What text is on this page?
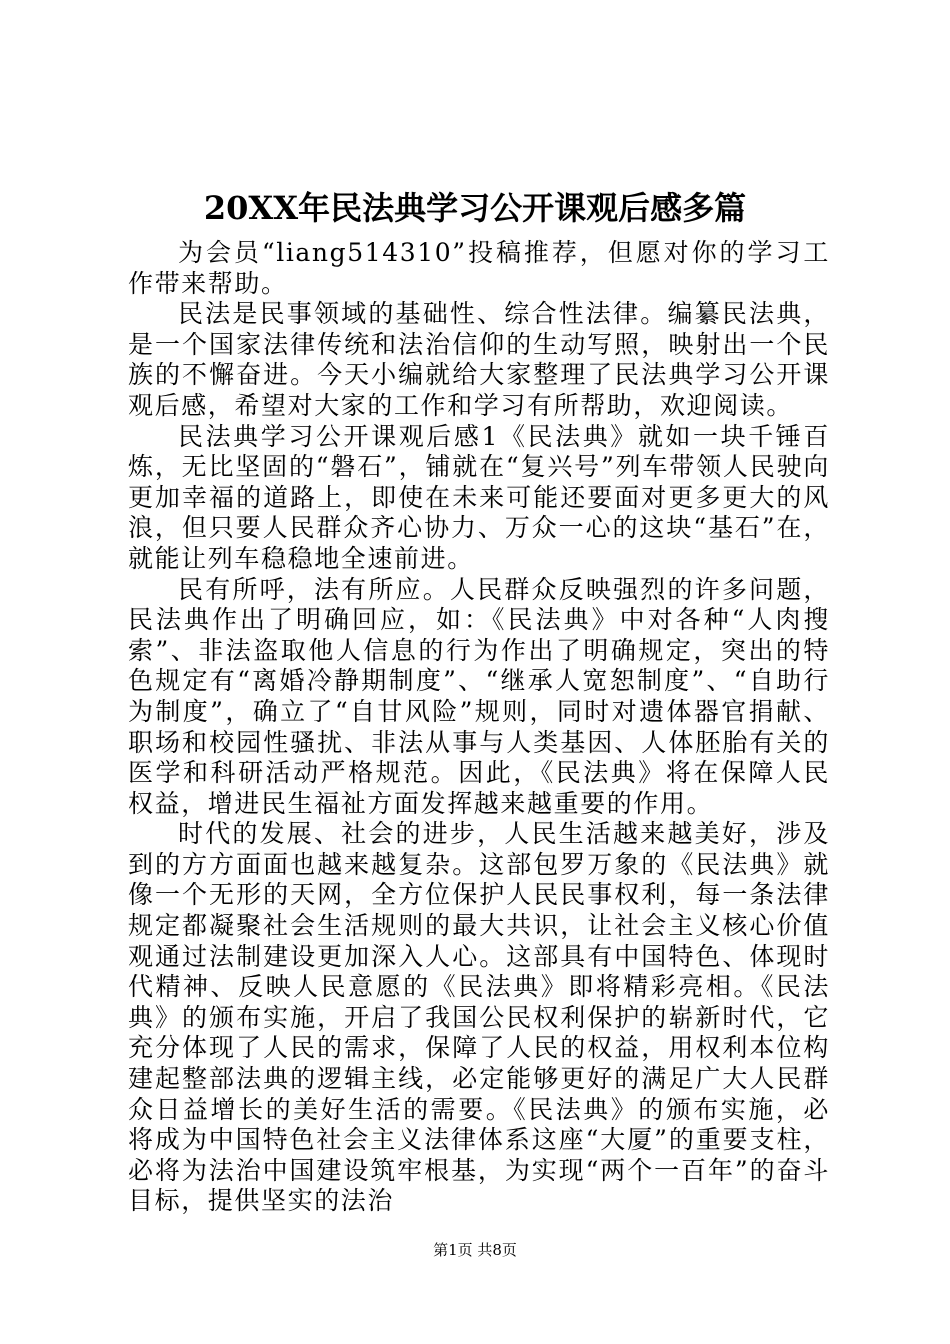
20XX年民法典学习公开课观后感多篇

为会员“liang514310”投稿推荐，但愿对你的学习工作带来帮助。

民法是民事领域的基础性、综合性法律。编纂民法典，是一个国家法律传统和法治信仰的生动写照，映射出一个民族的不懈奋进。今天小编就给大家整理了民法典学习公开课观后感，希望对大家的工作和学习有所帮助，欢迎阅读。

民法典学习公开课观后感1《民法典》就如一块千锤百炼，无比坚固的“磐石”，铺就在“复兴号”列车带领人民驶向更加幸福的道路上，即使在未来可能还要面对更多更大的风浪，但只要人民群众齐心协力、万众一心的这块“基石”在，就能让列车稳稳地全速前进。

民有所呼，法有所应。人民群众反映强烈的许多问题，民法典作出了明确回应，如：《民法典》中对各种“人肉搜索”、非法盗取他人信息的行为作出了明确规定，突出的特色规定有“离婚冷静期制度”、“继承人宽恕制度”、“自助行为制度”，确立了“自甘风险”规则，同时对遗体器官捐献、职场和校园性骚扰、非法从事与人类基因、人体胚胎有关的医学和科研活动严格规范。因此，《民法典》将在保障人民权益，增进民生福祉方面发挥越来越重要的作用。

时代的发展、社会的进步，人民生活越来越美好，涉及到的方方面面也越来越复杂。这部包罗万象的《民法典》就像一个无形的天网，全方位保护人民民事权利，每一条法律规定都凝聚社会生活规则的最大共识，让社会主义核心价值观通过法制建设更加深入人心。这部具有中国特色、体现时代精神、反映人民意愿的《民法典》即将精彩亮相。《民法典》的颁布实施，开启了我国公民权利保护的崭新时代，它充分体现了人民的需求，保障了人民的权益，用权利本位构建起整部法典的逻辑主线，必定能够更好的满足广大人民群众日益增长的美好生活的需要。《民法典》的颁布实施，必将成为中国特色社会主义法律体系这座“大厦”的重要支柱，必将为法治中国建设筑牢根基，为实现“两个一百年”的奋斗目标，提供坚实的法治

第1页 共8页
